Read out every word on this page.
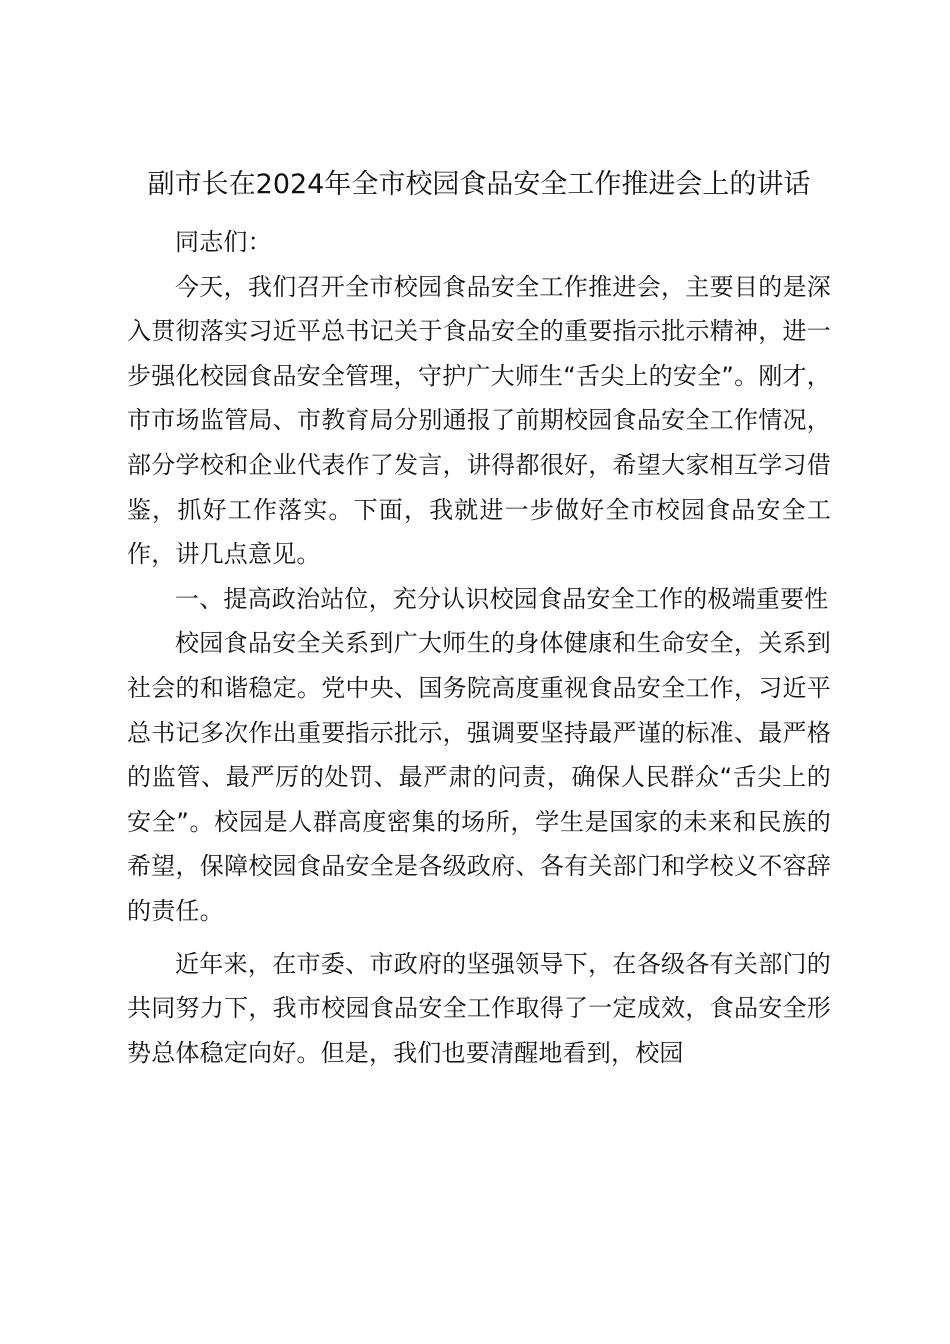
副市长在2024年全市校园食品安全工作推进会上的讲话

同志们：

今天，我们召开全市校园食品安全工作推进会，主要目的是深入贯彻落实习近平总书记关于食品安全的重要指示批示精神，进一步强化校园食品安全管理，守护广大师生“舌尖上的安全”。刚才，市市场监管局、市教育局分别通报了前期校园食品安全工作情况，部分学校和企业代表作了发言，讲得都很好，希望大家相互学习借鉴，抓好工作落实。下面，我就进一步做好全市校园食品安全工作，讲几点意见。

一、提高政治站位，充分认识校园食品安全工作的极端重要性

校园食品安全关系到广大师生的身体健康和生命安全，关系到社会的和谐稳定。党中央、国务院高度重视食品安全工作，习近平总书记多次作出重要指示批示，强调要坚持最严谨的标准、最严格的监管、最严厉的处罚、最严肃的问责，确保人民群众“舌尖上的安全”。校园是人群高度密集的场所，学生是国家的未来和民族的希望，保障校园食品安全是各级政府、各有关部门和学校义不容辞的责任。

近年来，在市委、市政府的坚强领导下，在各级各有关部门的共同努力下，我市校园食品安全工作取得了一定成效，食品安全形势总体稳定向好。但是，我们也要清醒地看到，校园
